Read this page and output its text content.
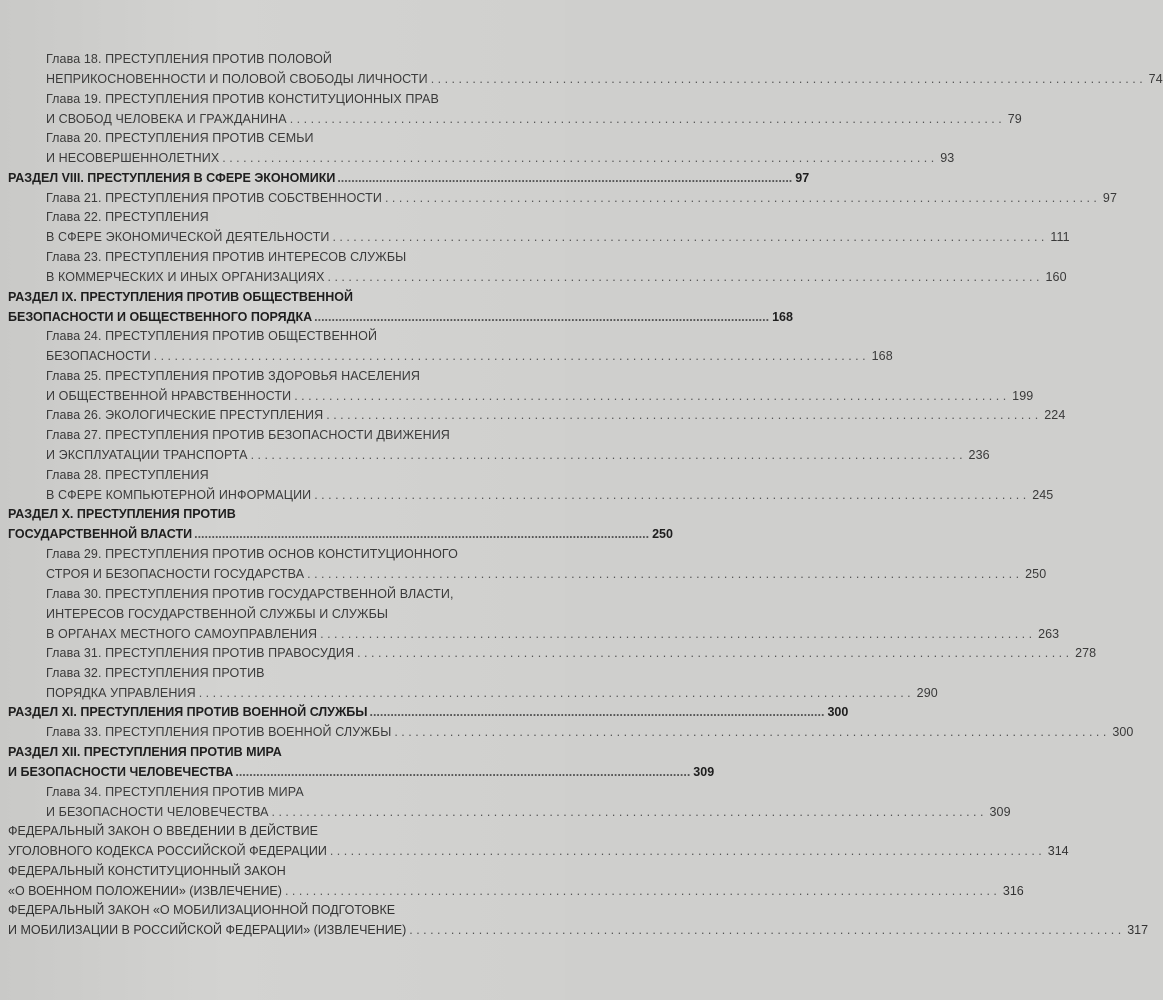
Глава 18. ПРЕСТУПЛЕНИЯ ПРОТИВ ПОЛОВОЙ
НЕПРИКОСНОВЕННОСТИ И ПОЛОВОЙ СВОБОДЫ ЛИЧНОСТИ . . .	74
Глава 19. ПРЕСТУПЛЕНИЯ ПРОТИВ КОНСТИТУЦИОННЫХ ПРАВ
И СВОБОД ЧЕЛОВЕКА И ГРАЖДАНИНА . . .	79
Глава 20. ПРЕСТУПЛЕНИЯ ПРОТИВ СЕМЬИ
И НЕСОВЕРШЕННОЛЕТНИХ . . .	93
РАЗДЕЛ VIII. ПРЕСТУПЛЕНИЯ В СФЕРЕ ЭКОНОМИКИ .....	97
Глава 21. ПРЕСТУПЛЕНИЯ ПРОТИВ СОБСТВЕННОСТИ . . .	97
Глава 22. ПРЕСТУПЛЕНИЯ
В СФЕРЕ ЭКОНОМИЧЕСКОЙ ДЕЯТЕЛЬНОСТИ . . .	111
Глава 23. ПРЕСТУПЛЕНИЯ ПРОТИВ ИНТЕРЕСОВ СЛУЖБЫ
В КОММЕРЧЕСКИХ И ИНЫХ ОРГАНИЗАЦИЯХ . . .	160
РАЗДЕЛ IX. ПРЕСТУПЛЕНИЯ ПРОТИВ ОБЩЕСТВЕННОЙ
БЕЗОПАСНОСТИ И ОБЩЕСТВЕННОГО ПОРЯДКА .....	168
Глава 24. ПРЕСТУПЛЕНИЯ ПРОТИВ ОБЩЕСТВЕННОЙ
БЕЗОПАСНОСТИ . . .	168
Глава 25. ПРЕСТУПЛЕНИЯ ПРОТИВ ЗДОРОВЬЯ НАСЕЛЕНИЯ
И ОБЩЕСТВЕННОЙ НРАВСТВЕННОСТИ . . .	199
Глава 26. ЭКОЛОГИЧЕСКИЕ ПРЕСТУПЛЕНИЯ . . .	224
Глава 27. ПРЕСТУПЛЕНИЯ ПРОТИВ БЕЗОПАСНОСТИ ДВИЖЕНИЯ
И ЭКСПЛУАТАЦИИ ТРАНСПОРТА . . .	236
Глава 28. ПРЕСТУПЛЕНИЯ
В СФЕРЕ КОМПЬЮТЕРНОЙ ИНФОРМАЦИИ . . .	245
РАЗДЕЛ X. ПРЕСТУПЛЕНИЯ ПРОТИВ
ГОСУДАРСТВЕННОЙ ВЛАСТИ .....	250
Глава 29. ПРЕСТУПЛЕНИЯ ПРОТИВ ОСНОВ КОНСТИТУЦИОННОГО
СТРОЯ И БЕЗОПАСНОСТИ ГОСУДАРСТВА . . .	250
Глава 30. ПРЕСТУПЛЕНИЯ ПРОТИВ ГОСУДАРСТВЕННОЙ ВЛАСТИ,
ИНТЕРЕСОВ ГОСУДАРСТВЕННОЙ СЛУЖБЫ И СЛУЖБЫ
В ОРГАНАХ МЕСТНОГО САМОУПРАВЛЕНИЯ . . .	263
Глава 31. ПРЕСТУПЛЕНИЯ ПРОТИВ ПРАВОСУДИЯ . . .	278
Глава 32. ПРЕСТУПЛЕНИЯ ПРОТИВ
ПОРЯДКА УПРАВЛЕНИЯ . . .	290
РАЗДЕЛ XI. ПРЕСТУПЛЕНИЯ ПРОТИВ ВОЕННОЙ СЛУЖБЫ .....	300
Глава 33. ПРЕСТУПЛЕНИЯ ПРОТИВ ВОЕННОЙ СЛУЖБЫ . . .	300
РАЗДЕЛ XII. ПРЕСТУПЛЕНИЯ ПРОТИВ МИРА
И БЕЗОПАСНОСТИ ЧЕЛОВЕЧЕСТВА .....	309
Глава 34. ПРЕСТУПЛЕНИЯ ПРОТИВ МИРА
И БЕЗОПАСНОСТИ ЧЕЛОВЕЧЕСТВА . . .	309
ФЕДЕРАЛЬНЫЙ ЗАКОН О ВВЕДЕНИИ В ДЕЙСТВИЕ
УГОЛОВНОГО КОДЕКСА РОССИЙСКОЙ ФЕДЕРАЦИИ . . .	314
ФЕДЕРАЛЬНЫЙ КОНСТИТУЦИОННЫЙ ЗАКОН
«О ВОЕННОМ ПОЛОЖЕНИИ» (ИЗВЛЕЧЕНИЕ) . . .	316
ФЕДЕРАЛЬНЫЙ ЗАКОН «О МОБИЛИЗАЦИОННОЙ ПОДГОТОВКЕ
И МОБИЛИЗАЦИИ В РОССИЙСКОЙ ФЕДЕРАЦИИ» (ИЗВЛЕЧЕНИЕ) . . .	317
